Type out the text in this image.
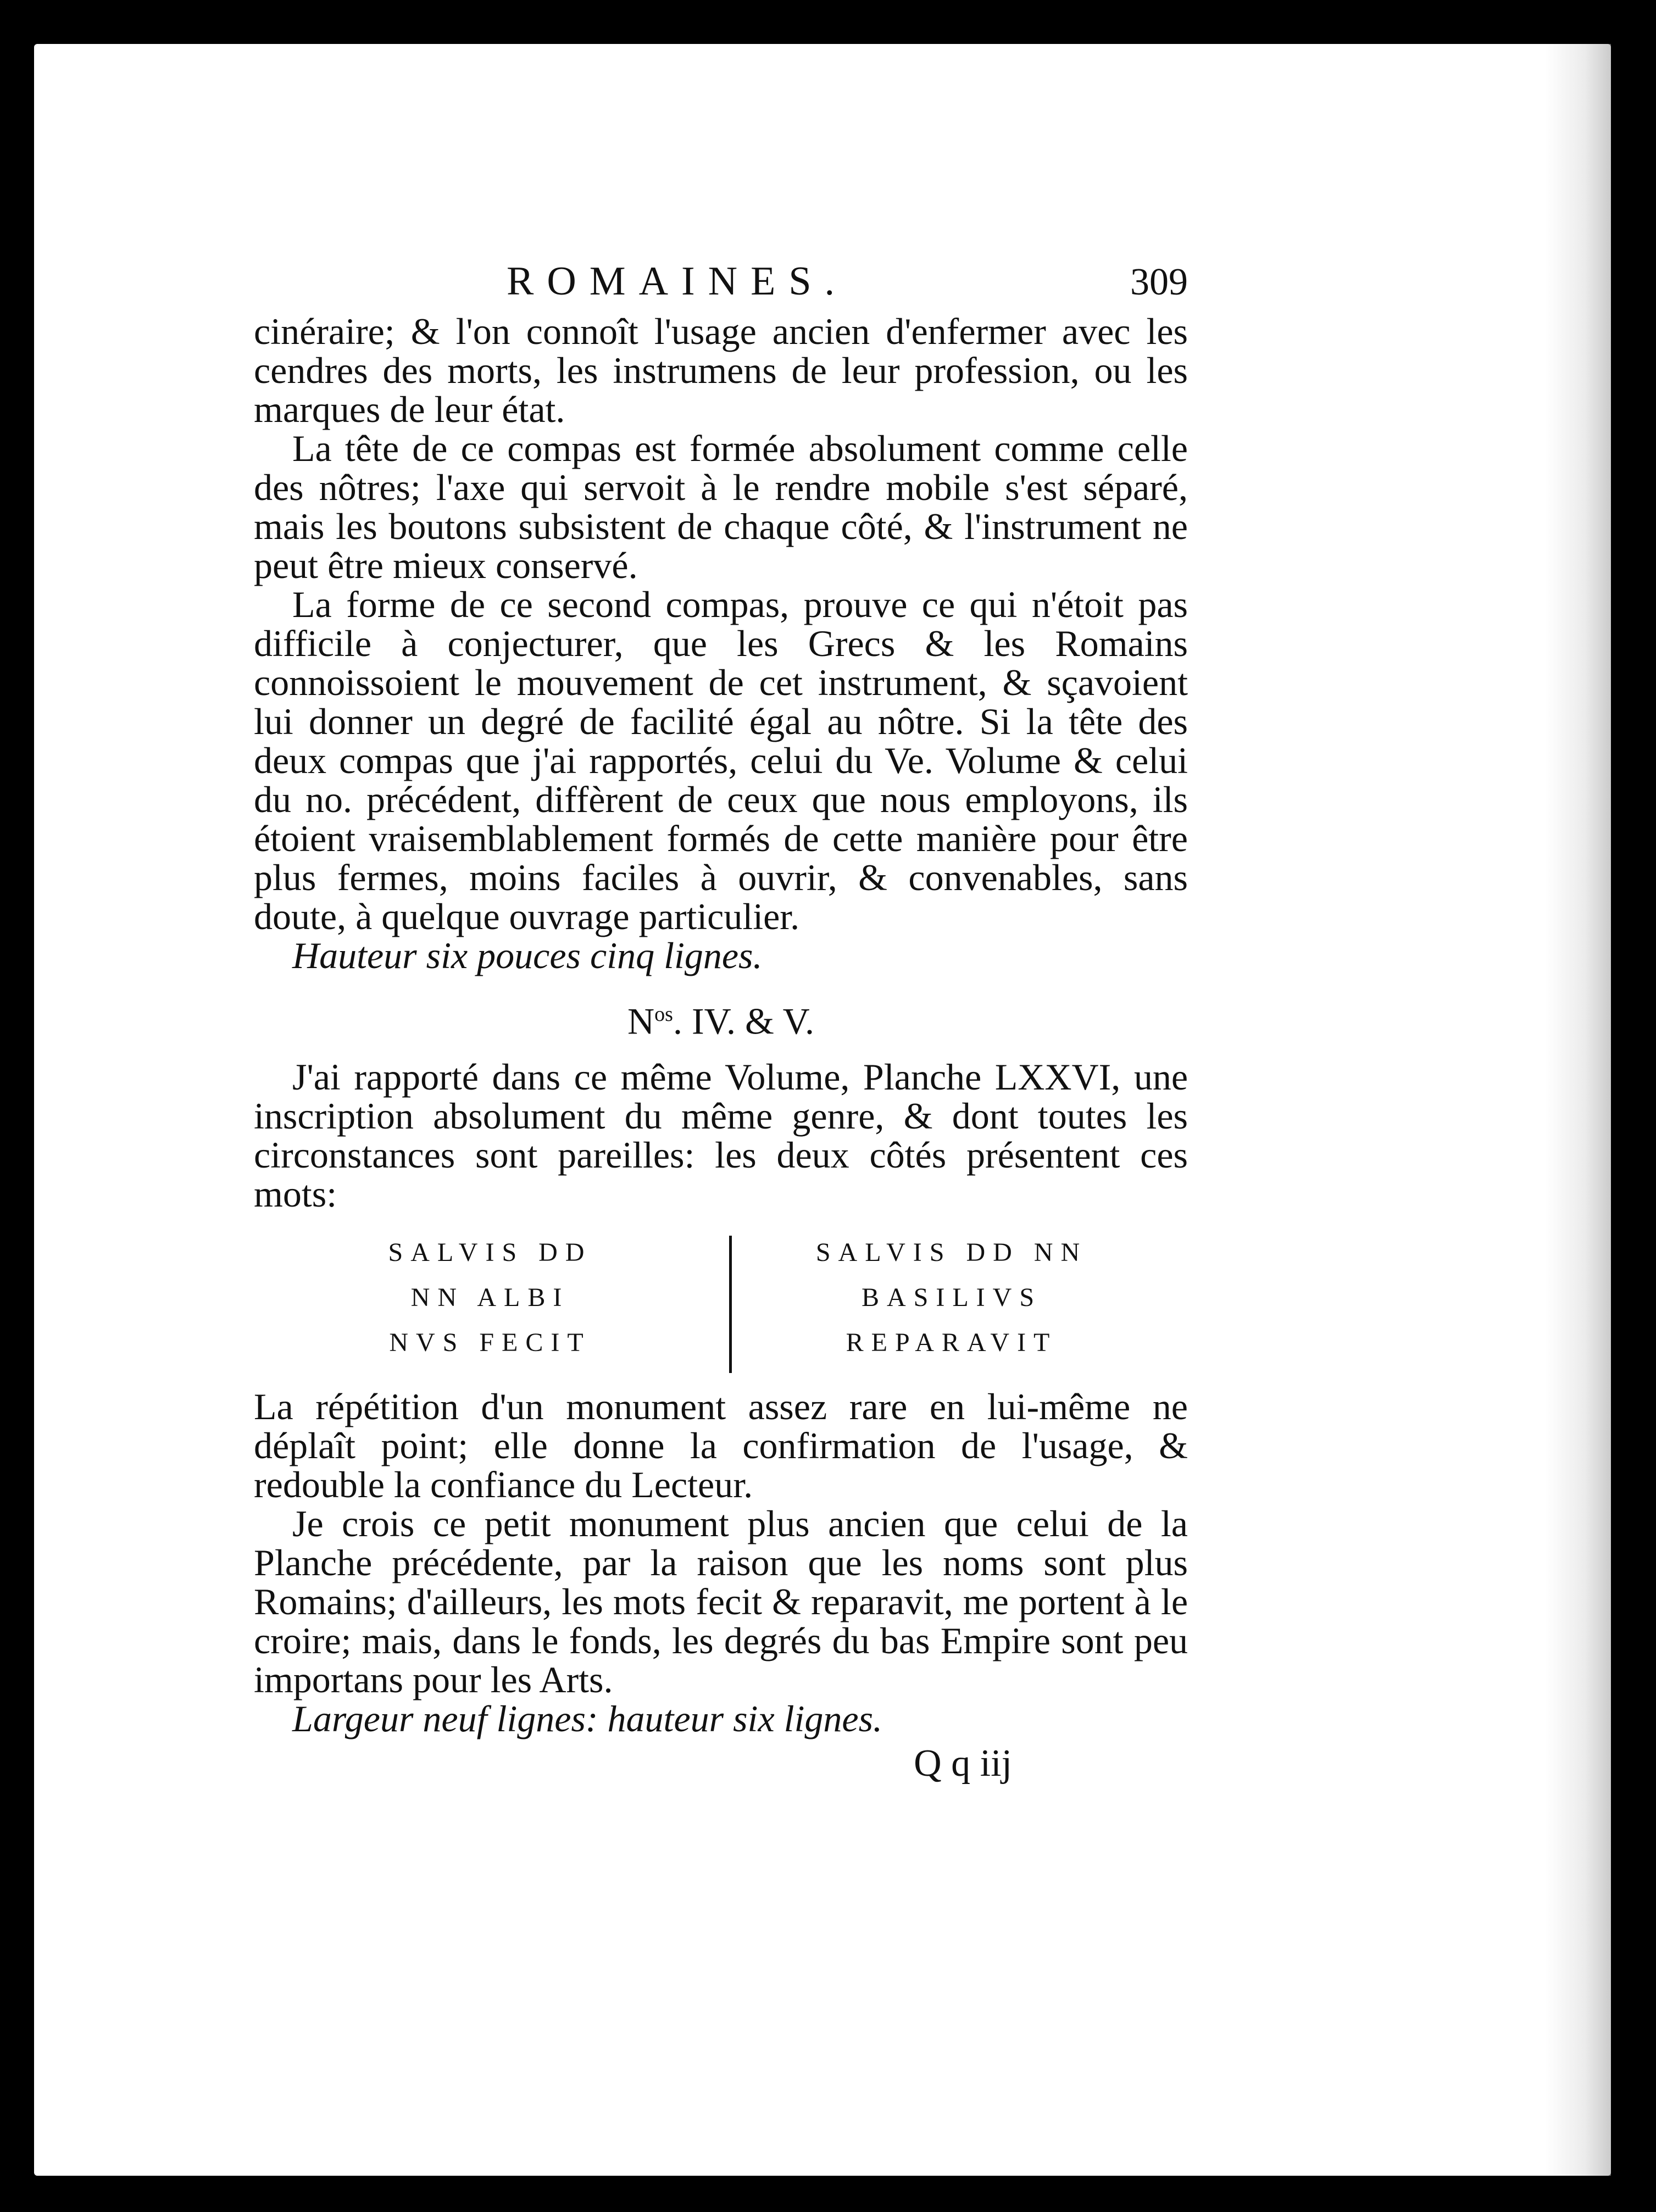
ROMAINES.	309

cinéraire; & l'on connoît l'usage ancien d'enfermer avec les cendres des morts, les instrumens de leur profession, ou les marques de leur état.

La tête de ce compas est formée absolument comme celle des nôtres; l'axe qui servoit à le rendre mobile s'est séparé, mais les boutons subsistent de chaque côté, & l'instrument ne peut être mieux conservé.

La forme de ce second compas, prouve ce qui n'étoit pas difficile à conjecturer, que les Grecs & les Romains connoissoient le mouvement de cet instrument, & sçavoient lui donner un degré de facilité égal au nôtre. Si la tête des deux compas que j'ai rapportés, celui du Ve. Volume & celui du no. précédent, diffèrent de ceux que nous employons, ils étoient vraisemblablement formés de cette manière pour être plus fermes, moins faciles à ouvrir, & convenables, sans doute, à quelque ouvrage particulier.

Hauteur six pouces cinq lignes.

$N^{os}$. IV. & V.

J'ai rapporté dans ce même Volume, Planche LXXVI, une inscription absolument du même genre, & dont toutes les circonstances sont pareilles: les deux côtés présentent ces mots:

SALVIS DD
NN ALBI
NVS FECIT
SALVIS DD NN
BASILIVS
REPARAVIT

La répétition d'un monument assez rare en lui-même ne déplaît point; elle donne la confirmation de l'usage, & redouble la confiance du Lecteur.

Je crois ce petit monument plus ancien que celui de la Planche précédente, par la raison que les noms sont plus Romains; d'ailleurs, les mots fecit & reparavit, me portent à le croire; mais, dans le fonds, les degrés du bas Empire sont peu importans pour les Arts.

Largeur neuf lignes: hauteur six lignes.

Q q iij
